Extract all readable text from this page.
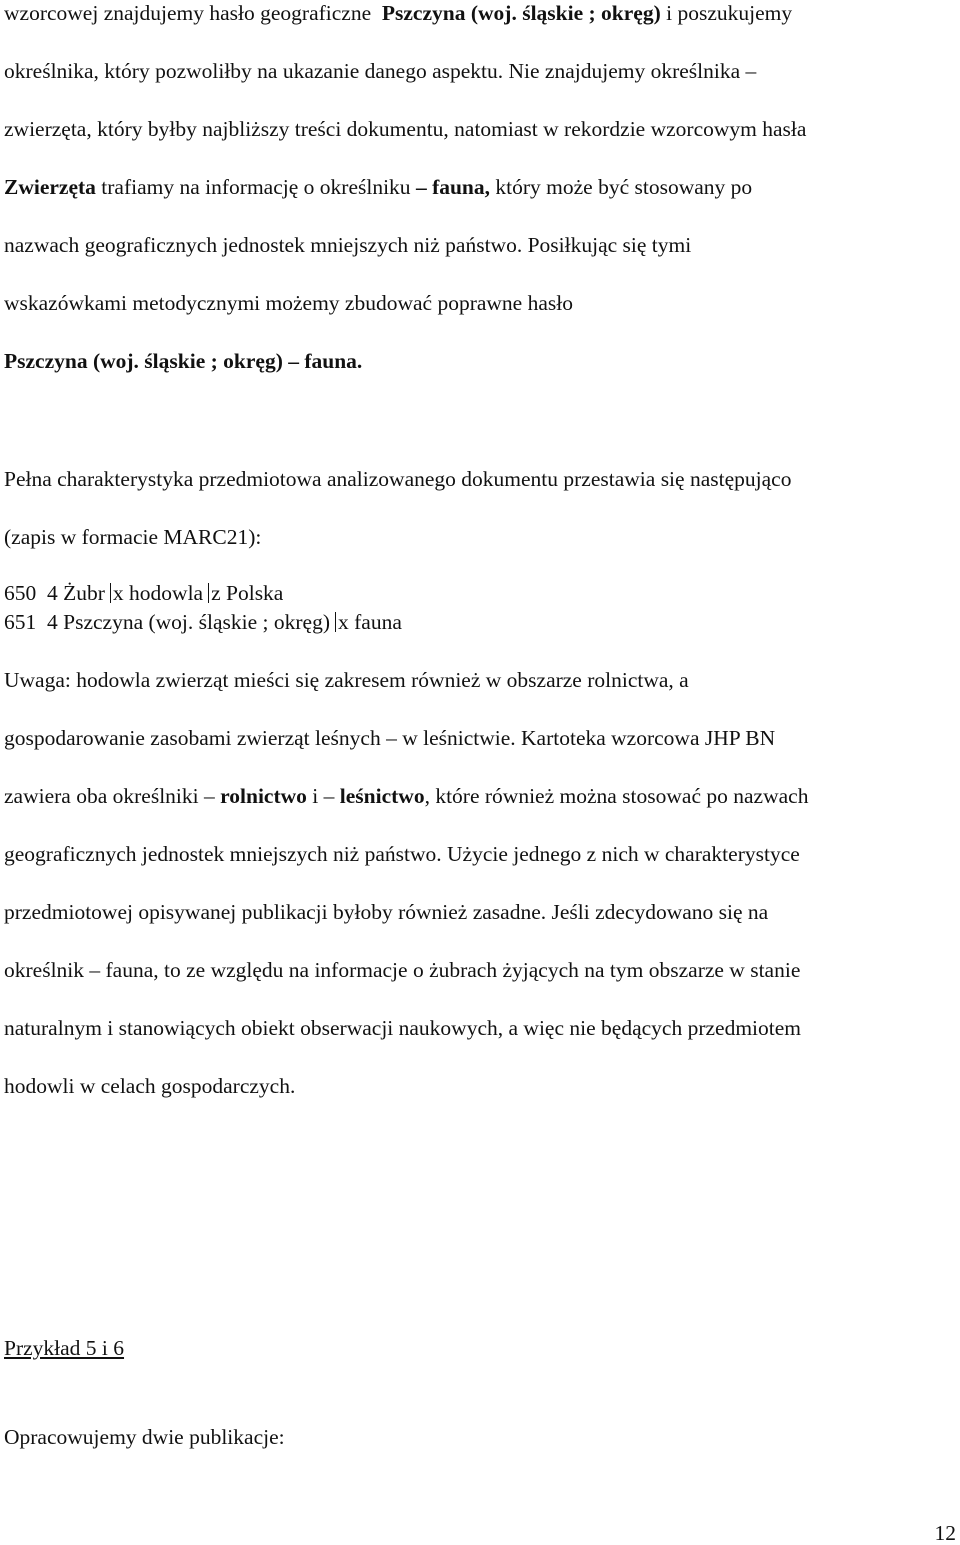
wzorcowej znajdujemy hasło geograficzne Pszczyna (woj. śląskie ; okręg) i poszukujemy
określnika, który pozwoliłby na ukazanie danego aspektu. Nie znajdujemy określnika –
zwierzęta, który byłby najbliższy treści dokumentu, natomiast w rekordzie wzorcowym hasła
Zwierzęta trafiamy na informację o określniku – fauna, który może być stosowany po
nazwach geograficznych jednostek mniejszych niż państwo. Posiłkując się tymi
wskazówkami metodycznymi możemy zbudować poprawne hasło
Pszczyna (woj. śląskie ; okręg) – fauna.
Pełna charakterystyka przedmiotowa analizowanego dokumentu przestawia się następująco
(zapis w formacie MARC21):
650 4 Żubr x hodowla z Polska
651 4 Pszczyna (woj. śląskie ; okręg) x fauna
Uwaga: hodowla zwierząt mieści się zakresem również w obszarze rolnictwa, a
gospodarowanie zasobami zwierząt leśnych – w leśnictwie. Kartoteka wzorcowa JHP BN
zawiera oba określniki – rolnictwo i – leśnictwo, które również można stosować po nazwach
geograficznych jednostek mniejszych niż państwo. Użycie jednego z nich w charakterystyce
przedmiotowej opisywanej publikacji byłoby również zasadne. Jeśli zdecydowano się na
określnik – fauna, to ze względu na informacje o żubrach żyjących na tym obszarze w stanie
naturalnym i stanowiących obiekt obserwacji naukowych, a więc nie będących przedmiotem
hodowli w celach gospodarczych.
Przykład 5 i 6
Opracowujemy dwie publikacje:
12
